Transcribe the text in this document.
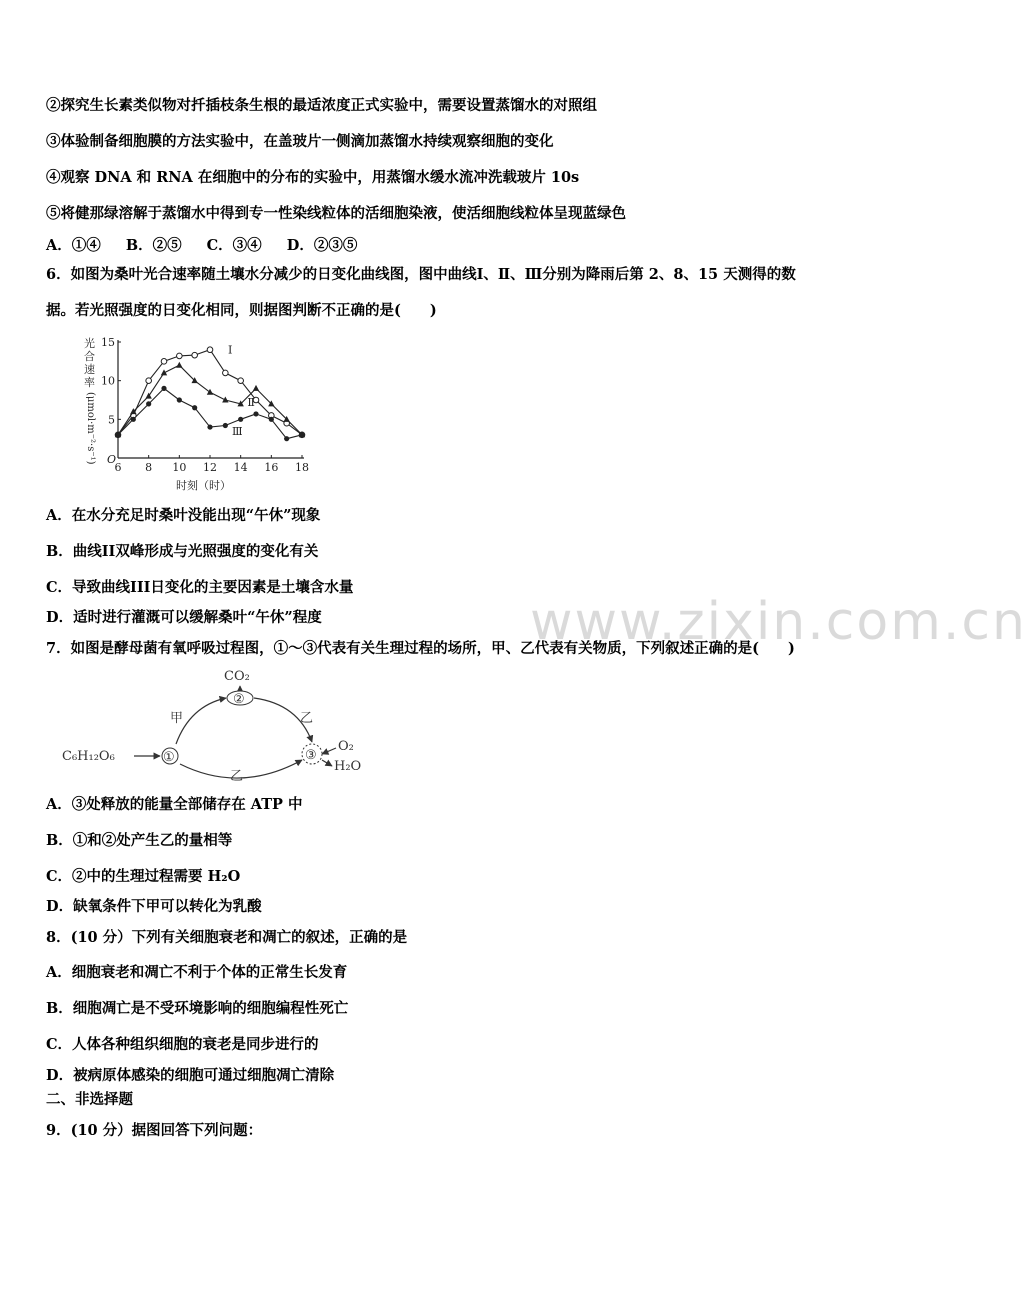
②探究生长素类似物对扦插枝条生根的最适浓度正式实验中，需要设置蒸馏水的对照组
③体验制备细胞膜的方法实验中，在盖玻片一侧滴加蒸馏水持续观察细胞的变化
④观察 DNA 和 RNA 在细胞中的分布的实验中，用蒸馏水缓水流冲洗载玻片 10s
⑤将健那绿溶解于蒸馏水中得到专一性染线粒体的活细胞染液，使活细胞线粒体呈现蓝绿色
A．①④ B．②⑤ C．③④ D．②③⑤
6．如图为桑叶光合速率随土壤水分减少的日变化曲线图，图中曲线Ⅰ、Ⅱ、Ⅲ分别为降雨后第 2、8、15 天测得的数
据。若光照强度的日变化相同，则据图判断不正确的是(　　)
光
合
速
率
(μmol·m⁻²·s⁻¹) O
时刻（时）
6 8 10 12 14 16 18
5
10
15
Ⅰ
Ⅱ
Ⅲ
A．在水分充足时桑叶没能出现“午休”现象
B．曲线II双峰形成与光照强度的变化有关
C．导致曲线III日变化的主要因素是土壤含水量
D．适时进行灌溉可以缓解桑叶“午休”程度	www.zixin.com.cn
7．如图是酵母菌有氧呼吸过程图，①～③代表有关生理过程的场所，甲、乙代表有关物质，下列叙述正确的是(　　)
C₆H₁₂O₆
CO₂
甲	乙
乙
O₂
H₂O
①
②
③
A．③处释放的能量全部储存在 ATP 中
B．①和②处产生乙的量相等
C．②中的生理过程需要 H₂O
D．缺氧条件下甲可以转化为乳酸
8．(10 分）下列有关细胞衰老和凋亡的叙述，正确的是
A．细胞衰老和凋亡不利于个体的正常生长发育
B．细胞凋亡是不受环境影响的细胞编程性死亡
C．人体各种组织细胞的衰老是同步进行的
D．被病原体感染的细胞可通过细胞凋亡清除
二、非选择题
9．(10 分）据图回答下列问题：
